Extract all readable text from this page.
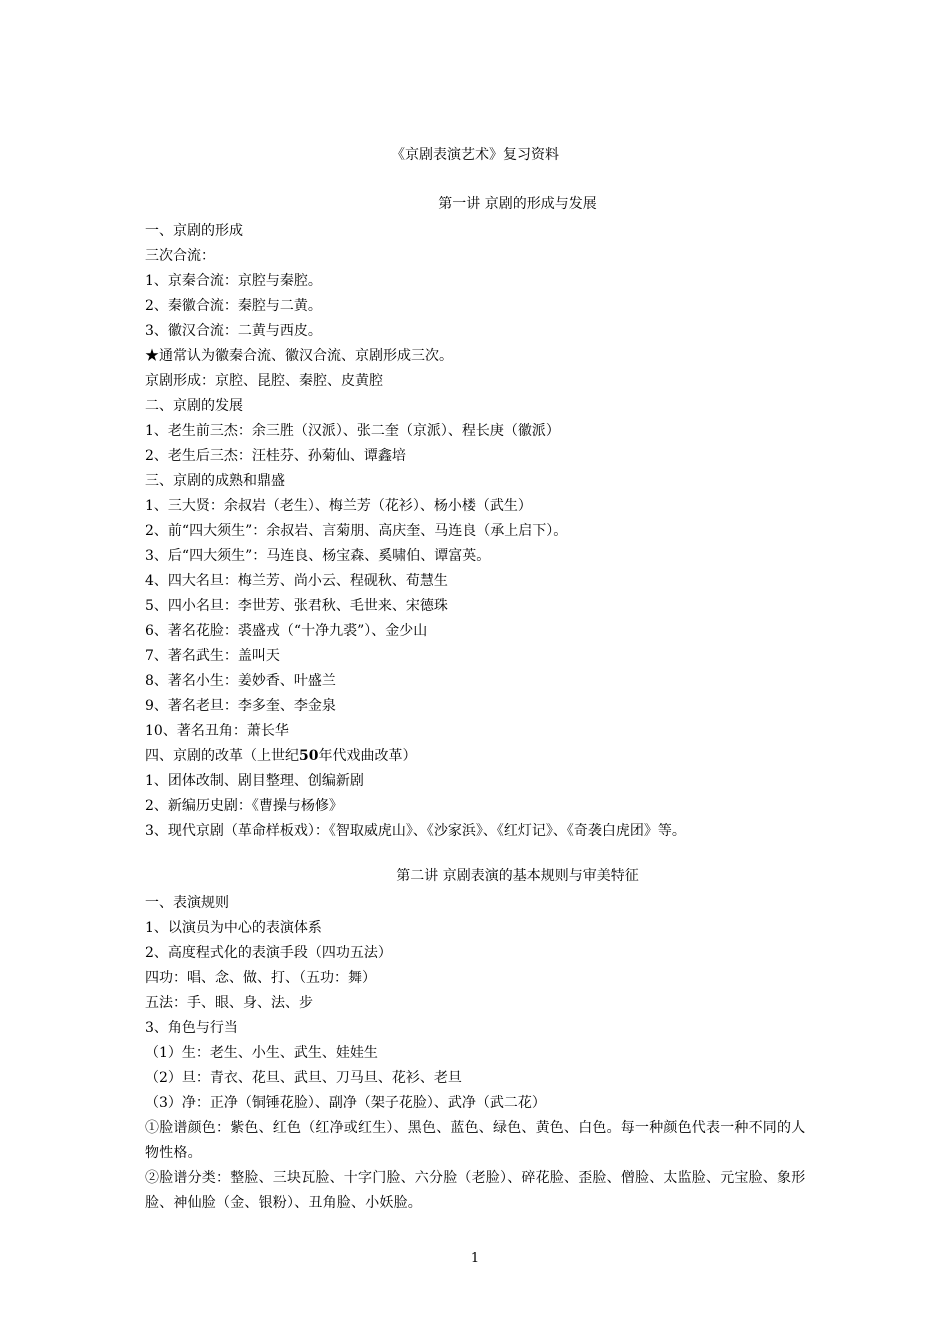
《京剧表演艺术》复习资料
第一讲 京剧的形成与发展
一、京剧的形成
三次合流：
1、京秦合流：京腔与秦腔。
2、秦徽合流：秦腔与二黄。
3、徽汉合流：二黄与西皮。
★通常认为徽秦合流、徽汉合流、京剧形成三次。
京剧形成：京腔、昆腔、秦腔、皮黄腔
二、京剧的发展
1、老生前三杰：余三胜（汉派）、张二奎（京派）、程长庚（徽派）
2、老生后三杰：汪桂芬、孙菊仙、谭鑫培
三、京剧的成熟和鼎盛
1、三大贤：余叔岩（老生）、梅兰芳（花衫）、杨小楼（武生）
2、前“四大须生”：余叔岩、言菊朋、高庆奎、马连良（承上启下）。
3、后“四大须生”：马连良、杨宝森、奚啸伯、谭富英。
4、四大名旦：梅兰芳、尚小云、程砚秋、荀慧生
5、四小名旦：李世芳、张君秋、毛世来、宋德珠
6、著名花脸：裘盛戎（“十净九裘”）、金少山
7、著名武生：盖叫天
8、著名小生：姜妙香、叶盛兰
9、著名老旦：李多奎、李金泉
10、著名丑角：萧长华
四、京剧的改革（上世纪50年代戏曲改革）
1、团体改制、剧目整理、创编新剧
2、新编历史剧：《曹操与杨修》
3、现代京剧（革命样板戏）：《智取威虎山》、《沙家浜》、《红灯记》、《奇袭白虎团》等。
第二讲 京剧表演的基本规则与审美特征
一、表演规则
1、以演员为中心的表演体系
2、高度程式化的表演手段（四功五法）
四功：唱、念、做、打、（五功：舞）
五法：手、眼、身、法、步
3、角色与行当
（1）生：老生、小生、武生、娃娃生
（2）旦：青衣、花旦、武旦、刀马旦、花衫、老旦
（3）净：正净（铜锤花脸）、副净（架子花脸）、武净（武二花）
①脸谱颜色：紫色、红色（红净或红生）、黑色、蓝色、绿色、黄色、白色。每一种颜色代表一种不同的人物性格。
②脸谱分类：整脸、三块瓦脸、十字门脸、六分脸（老脸）、碎花脸、歪脸、僧脸、太监脸、元宝脸、象形脸、神仙脸（金、银粉）、丑角脸、小妖脸。
1
